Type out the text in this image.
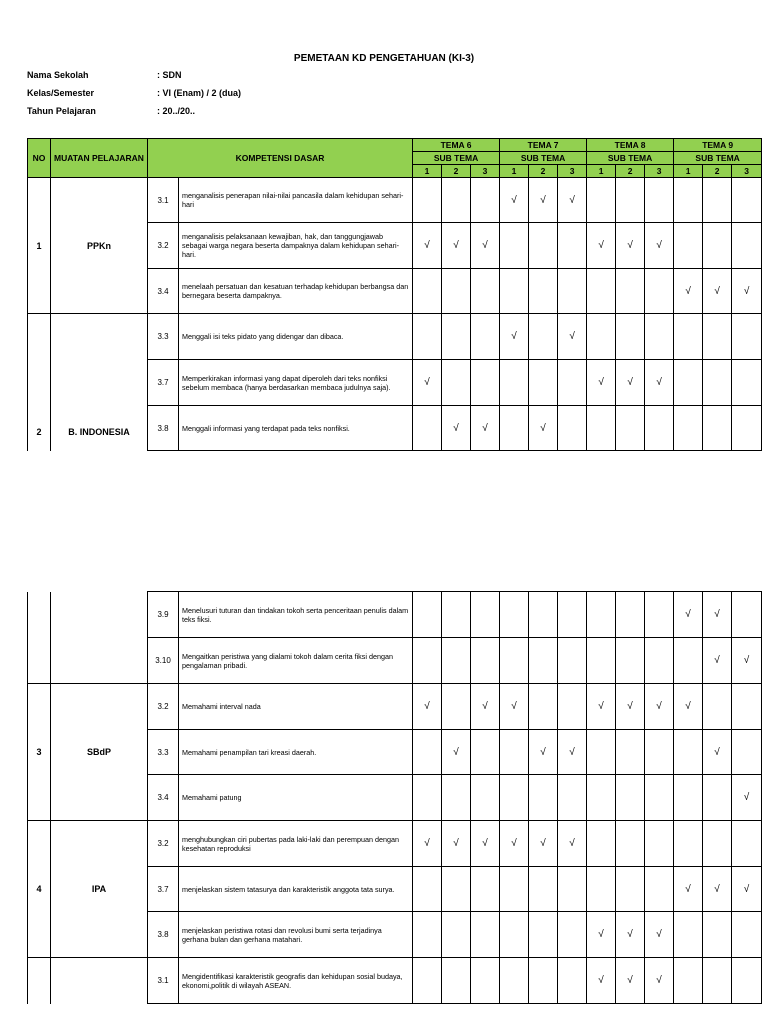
PEMETAAN KD PENGETAHUAN (KI-3)
Nama Sekolah	: SDN
Kelas/Semester	: VI (Enam) / 2 (dua)
Tahun Pelajaran	: 20../20..
NO	MUATAN PELAJARAN	KOMPETENSI DASAR		TEMA 6			TEMA 7			TEMA 8			TEMA 9		
				SUB TEMA			SUB TEMA			SUB TEMA			SUB TEMA		
				1	2	3	1	2	3	1	2	3	1	2	3
1	PPKn	3.1	menganalisis penerapan nilai-nilai pancasila dalam kehidupan sehari-hari				√	√	√						
		3.2	menganalisis pelaksanaan kewajiban, hak, dan tanggungjawab sebagai warga negara beserta dampaknya dalam kehidupan sehari-hari.	√	√	√				√	√	√			
		3.4	menelaah persatuan dan kesatuan terhadap kehidupan berbangsa dan bernegara beserta dampaknya.										√	√	√
2	B. INDONESIA	3.3	Menggali isi teks pidato yang didengar dan dibaca.				√		√						
		3.7	Memperkirakan informasi yang dapat diperoleh dari teks nonfiksi sebelum membaca (hanya berdasarkan membaca judulnya saja).	√						√	√	√			
		3.8	Menggali informasi yang terdapat pada teks nonfiksi.		√	√		√							
		3.9	Menelusuri tuturan dan tindakan tokoh serta penceritaan penulis dalam teks fiksi.										√	√	
		3.10	Mengaitkan peristiwa yang dialami tokoh dalam cerita fiksi dengan pengalaman pribadi.											√	√
3	SBdP	3.2	Memahami interval nada	√		√	√			√	√	√	√		
		3.3	Memahami penampilan tari kreasi daerah.		√			√	√					√	
		3.4	Memahami patung												√
4	IPA	3.2	menghubungkan ciri pubertas pada laki-laki dan perempuan dengan kesehatan reproduksi	√	√	√	√	√	√						
		3.7	menjelaskan sistem tatasurya dan karakteristik anggota tata surya.										√	√	√
		3.8	menjelaskan peristiwa rotasi dan revolusi bumi serta terjadinya gerhana bulan dan gerhana matahari.							√	√	√			
		3.1	Mengidentifikasi karakteristik geografis dan kehidupan sosial budaya, ekonomi,politik di wilayah ASEAN.							√	√	√			
